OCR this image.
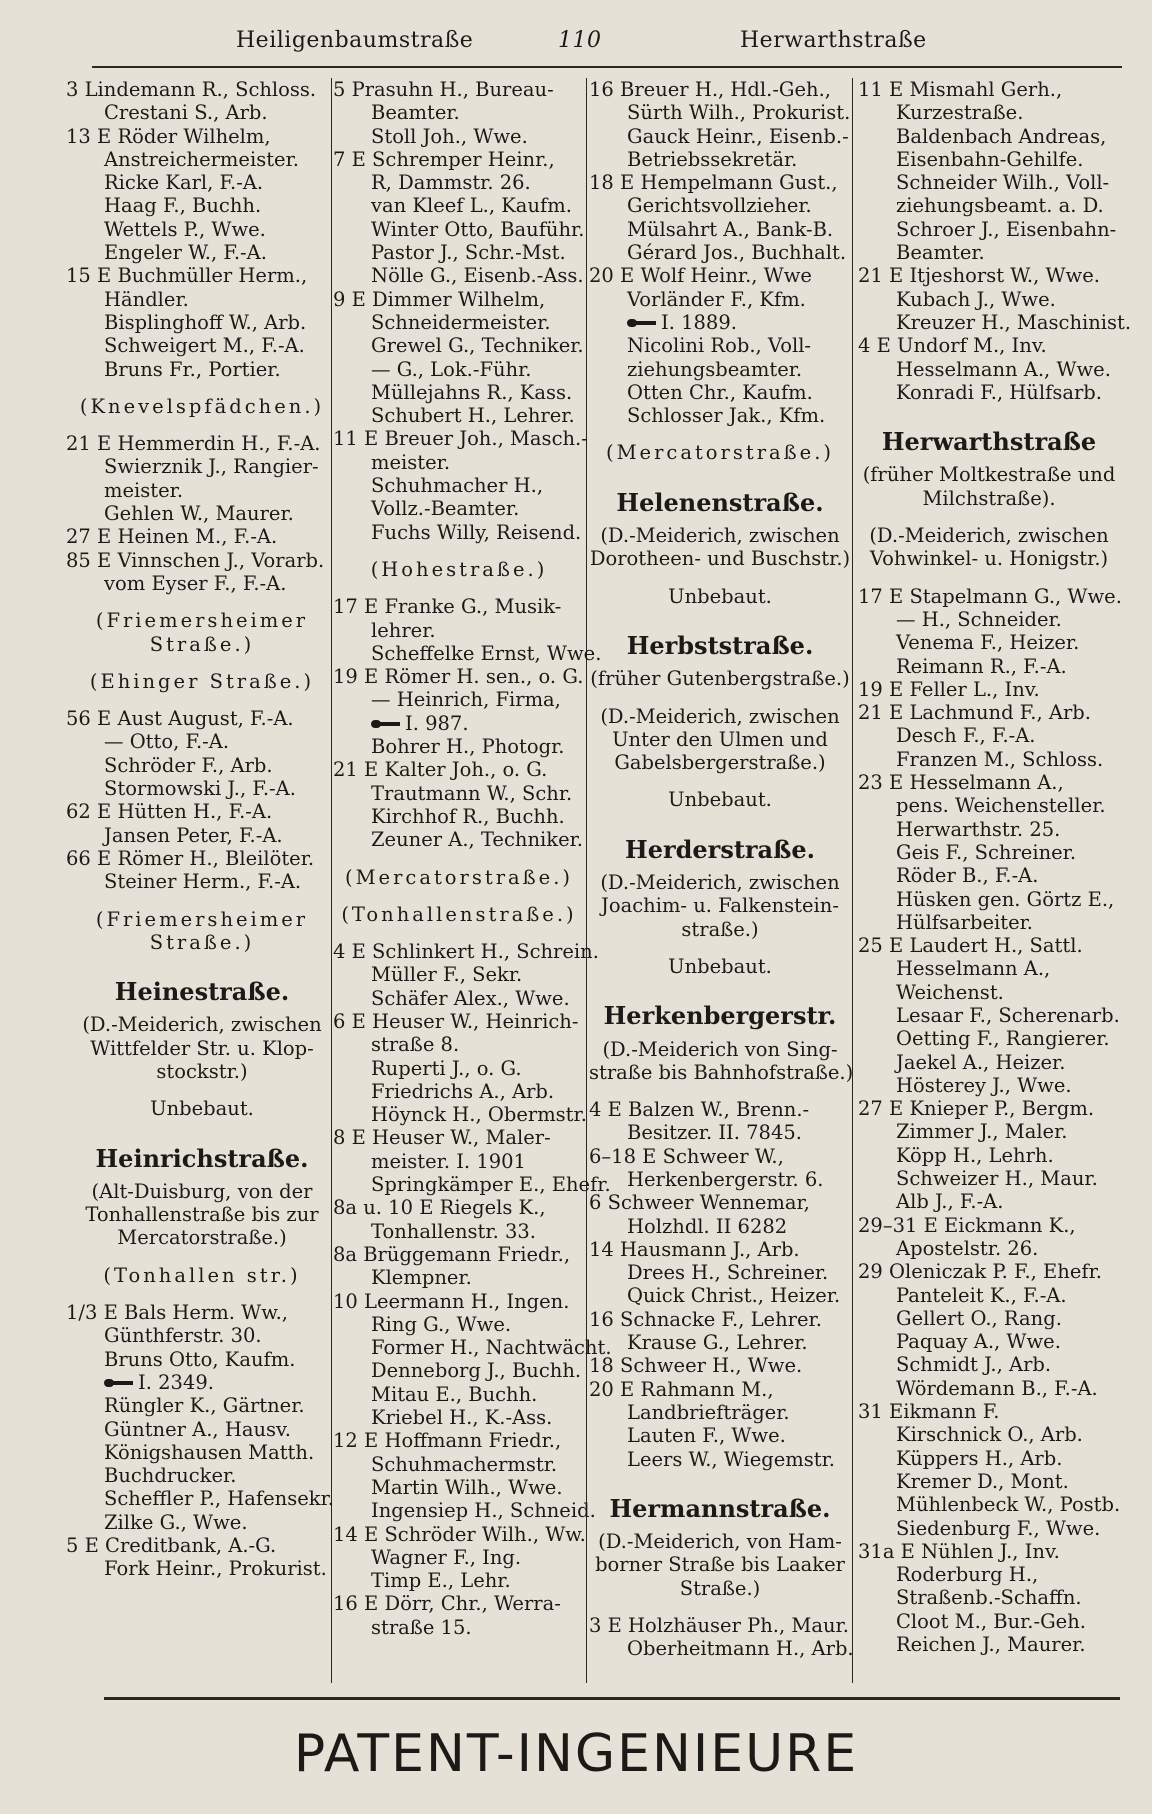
Heiligenbaumstraße	110	Herwarthstraße
3 Lindemann R., Schloss.
Crestani S., Arb.
13 E Röder Wilhelm,
Anstreichermeister.
Ricke Karl, F.-A.
Haag F., Buchh.
Wettels P., Wwe.
Engeler W., F.-A.
15 E Buchmüller Herm.,
Händler.
Bisplinghoff W., Arb.
Schweigert M., F.-A.
Bruns Fr., Portier.
(Knevelspfädchen.)
21 E Hemmerdin H., F.-A.
Swierznik J., Rangier-
meister.
Gehlen W., Maurer.
27 E Heinen M., F.-A.
85 E Vinnschen J., Vorarb.
vom Eyser F., F.-A.
(Friemersheimer
Straße.)
(Ehinger Straße.)
56 E Aust August, F.-A.
— Otto, F.-A.
Schröder F., Arb.
Stormowski J., F.-A.
62 E Hütten H., F.-A.
Jansen Peter, F.-A.
66 E Römer H., Bleilöter.
Steiner Herm., F.-A.
(Friemersheimer
Straße.)
Heinestraße.
(D.-Meiderich, zwischen
Wittfelder Str. u. Klop-
stockstr.)
Unbebaut.
Heinrichstraße.
(Alt-Duisburg, von der
Tonhallenstraße bis zur
Mercatorstraße.)
(Tonhallen str.)
1/3 E Bals Herm. Ww.,
Günthferstr. 30.
Bruns Otto, Kaufm.
I. 2349.
Rüngler K., Gärtner.
Güntner A., Hausv.
Königshausen Matth.
Buchdrucker.
Scheffler P., Hafensekr.
Zilke G., Wwe.
5 E Creditbank, A.-G.
Fork Heinr., Prokurist.
5 Prasuhn H., Bureau-
Beamter.
Stoll Joh., Wwe.
7 E Schremper Heinr.,
R, Dammstr. 26.
van Kleef L., Kaufm.
Winter Otto, Bauführ.
Pastor J., Schr.-Mst.
Nölle G., Eisenb.-Ass.
9 E Dimmer Wilhelm,
Schneidermeister.
Grewel G., Techniker.
— G., Lok.-Führ.
Müllejahns R., Kass.
Schubert H., Lehrer.
11 E Breuer Joh., Masch.-
meister.
Schuhmacher H.,
Vollz.-Beamter.
Fuchs Willy, Reisend.
(Hohestraße.)
17 E Franke G., Musik-
lehrer.
Scheffelke Ernst, Wwe.
19 E Römer H. sen., o. G.
— Heinrich, Firma,
I. 987.
Bohrer H., Photogr.
21 E Kalter Joh., o. G.
Trautmann W., Schr.
Kirchhof R., Buchh.
Zeuner A., Techniker.
(Mercatorstraße.)
(Tonhallenstraße.)
4 E Schlinkert H., Schrein.
Müller F., Sekr.
Schäfer Alex., Wwe.
6 E Heuser W., Heinrich-
straße 8.
Ruperti J., o. G.
Friedrichs A., Arb.
Höynck H., Obermstr.
8 E Heuser W., Maler-
meister. I. 1901
Springkämper E., Ehefr.
8a u. 10 E Riegels K.,
Tonhallenstr. 33.
8a Brüggemann Friedr.,
Klempner.
10 Leermann H., Ingen.
Ring G., Wwe.
Former H., Nachtwächt.
Denneborg J., Buchh.
Mitau E., Buchh.
Kriebel H., K.-Ass.
12 E Hoffmann Friedr.,
Schuhmachermstr.
Martin Wilh., Wwe.
Ingensiep H., Schneid.
14 E Schröder Wilh., Ww.
Wagner F., Ing.
Timp E., Lehr.
16 E Dörr, Chr., Werra-
straße 15.
16 Breuer H., Hdl.-Geh.,
Sürth Wilh., Prokurist.
Gauck Heinr., Eisenb.-
Betriebssekretär.
18 E Hempelmann Gust.,
Gerichtsvollzieher.
Mülsahrt A., Bank-B.
Gérard Jos., Buchhalt.
20 E Wolf Heinr., Wwe
Vorländer F., Kfm.
I. 1889.
Nicolini Rob., Voll-
ziehungsbeamter.
Otten Chr., Kaufm.
Schlosser Jak., Kfm.
(Mercatorstraße.)
Helenenstraße.
(D.-Meiderich, zwischen
Dorotheen- und Buschstr.)
Unbebaut.
Herbststraße.
(früher Gutenbergstraße.)
(D.-Meiderich, zwischen
Unter den Ulmen und
Gabelsbergerstraße.)
Unbebaut.
Herderstraße.
(D.-Meiderich, zwischen
Joachim- u. Falkenstein-
straße.)
Unbebaut.
Herkenbergerstr.
(D.-Meiderich von Sing-
straße bis Bahnhofstraße.)
4 E Balzen W., Brenn.-
Besitzer. II. 7845.
6–18 E Schweer W.,
Herkenbergerstr. 6.
6 Schweer Wennemar,
Holzhdl. II 6282
14 Hausmann J., Arb.
Drees H., Schreiner.
Quick Christ., Heizer.
16 Schnacke F., Lehrer.
Krause G., Lehrer.
18 Schweer H., Wwe.
20 E Rahmann M.,
Landbriefträger.
Lauten F., Wwe.
Leers W., Wiegemstr.
Hermannstraße.
(D.-Meiderich, von Ham-
borner Straße bis Laaker
Straße.)
3 E Holzhäuser Ph., Maur.
Oberheitmann H., Arb.
11 E Mismahl Gerh.,
Kurzestraße.
Baldenbach Andreas,
Eisenbahn-Gehilfe.
Schneider Wilh., Voll-
ziehungsbeamt. a. D.
Schroer J., Eisenbahn-
Beamter.
21 E Itjeshorst W., Wwe.
Kubach J., Wwe.
Kreuzer H., Maschinist.
4 E Undorf M., Inv.
Hesselmann A., Wwe.
Konradi F., Hülfsarb.
Herwarthstraße
(früher Moltkestraße und
Milchstraße).
(D.-Meiderich, zwischen
Vohwinkel- u. Honigstr.)
17 E Stapelmann G., Wwe.
— H., Schneider.
Venema F., Heizer.
Reimann R., F.-A.
19 E Feller L., Inv.
21 E Lachmund F., Arb.
Desch F., F.-A.
Franzen M., Schloss.
23 E Hesselmann A.,
pens. Weichensteller.
Herwarthstr. 25.
Geis F., Schreiner.
Röder B., F.-A.
Hüsken gen. Görtz E.,
Hülfsarbeiter.
25 E Laudert H., Sattl.
Hesselmann A.,
Weichenst.
Lesaar F., Scherenarb.
Oetting F., Rangierer.
Jaekel A., Heizer.
Hösterey J., Wwe.
27 E Knieper P., Bergm.
Zimmer J., Maler.
Köpp H., Lehrh.
Schweizer H., Maur.
Alb J., F.-A.
29–31 E Eickmann K.,
Apostelstr. 26.
29 Oleniczak P. F., Ehefr.
Panteleit K., F.-A.
Gellert O., Rang.
Paquay A., Wwe.
Schmidt J., Arb.
Wördemann B., F.-A.
31 Eikmann F.
Kirschnick O., Arb.
Küppers H., Arb.
Kremer D., Mont.
Mühlenbeck W., Postb.
Siedenburg F., Wwe.
31a E Nühlen J., Inv.
Roderburg H.,
Straßenb.-Schaffn.
Cloot M., Bur.-Geh.
Reichen J., Maurer.
PATENT-INGENIEURE
